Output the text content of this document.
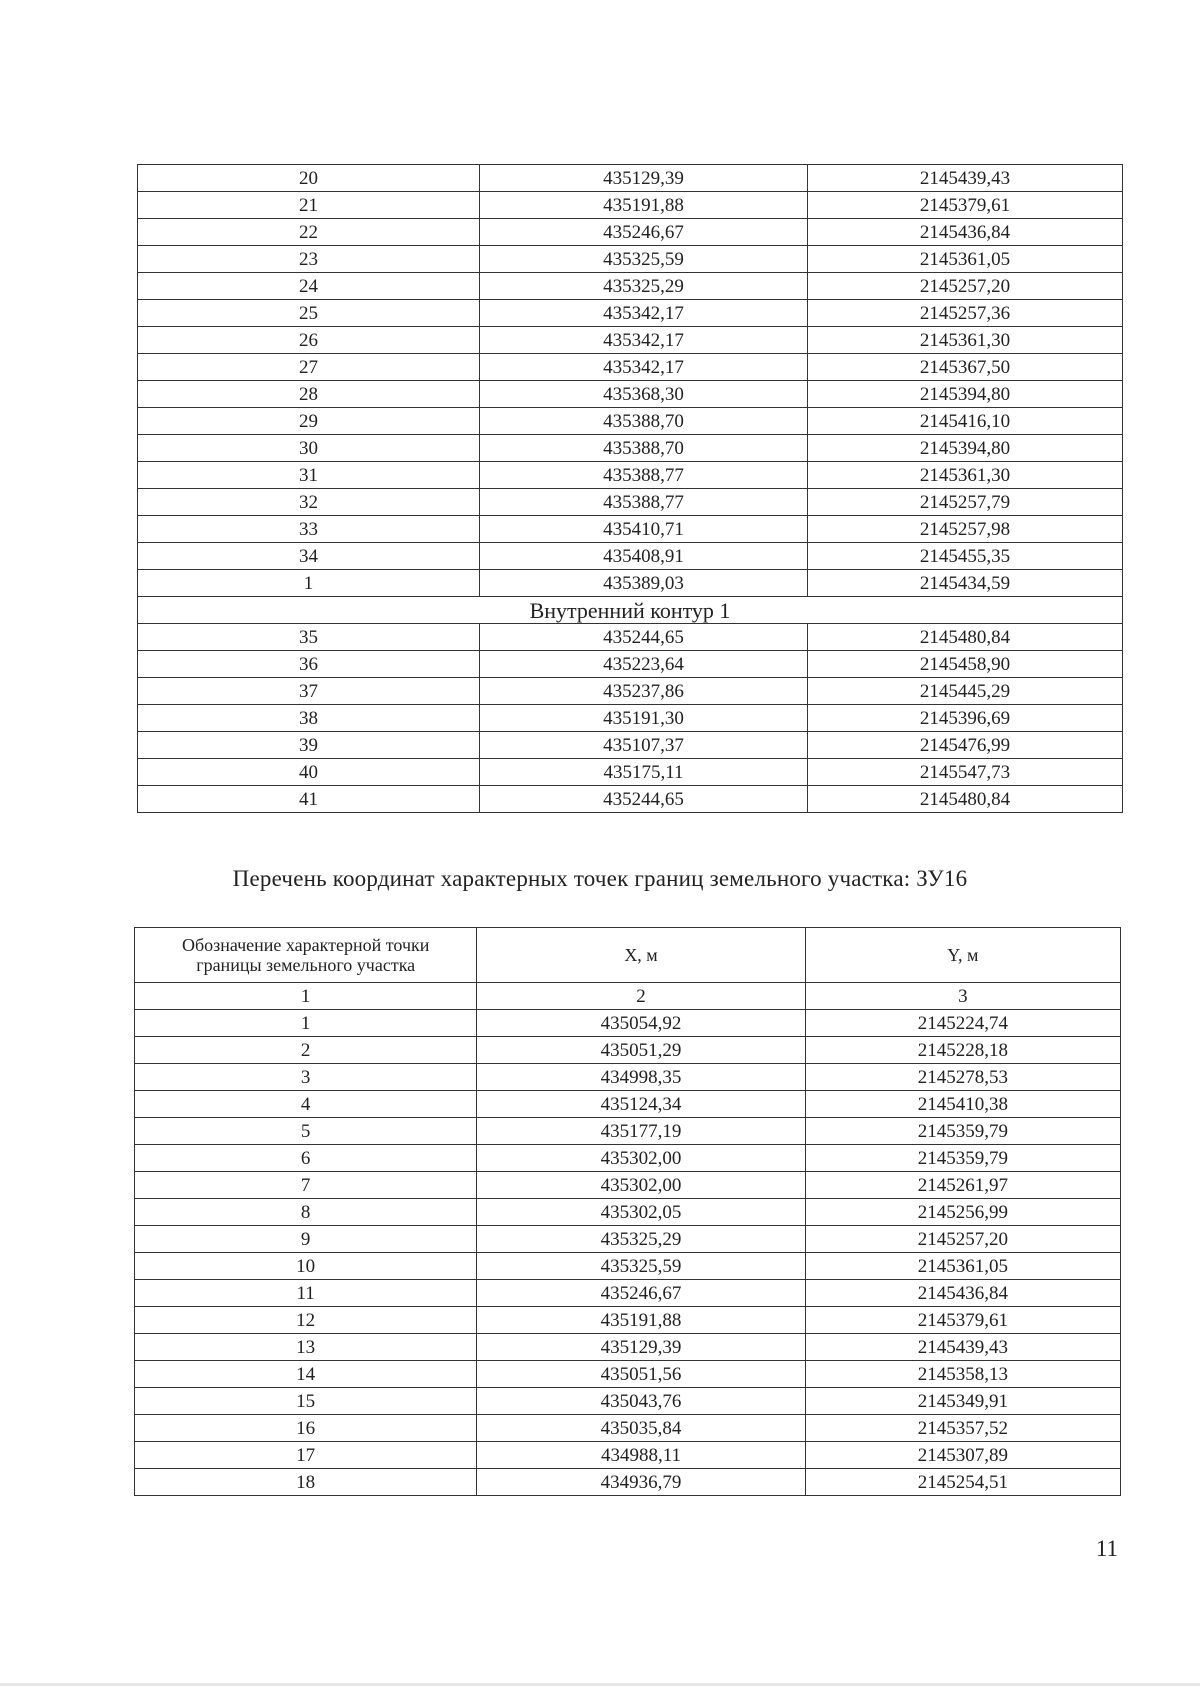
20	435129,39	2145439,43
21	435191,88	2145379,61
22	435246,67	2145436,84
23	435325,59	2145361,05
24	435325,29	2145257,20
25	435342,17	2145257,36
26	435342,17	2145361,30
27	435342,17	2145367,50
28	435368,30	2145394,80
29	435388,70	2145416,10
30	435388,70	2145394,80
31	435388,77	2145361,30
32	435388,77	2145257,79
33	435410,71	2145257,98
34	435408,91	2145455,35
1	435389,03	2145434,59
Внутренний контур 1		
35	435244,65	2145480,84
36	435223,64	2145458,90
37	435237,86	2145445,29
38	435191,30	2145396,69
39	435107,37	2145476,99
40	435175,11	2145547,73
41	435244,65	2145480,84
Перечень координат характерных точек границ земельного участка: ЗУ16
Обозначение характерной точки границы земельного участка	X, м	Y, м
1	2	3
1	435054,92	2145224,74
2	435051,29	2145228,18
3	434998,35	2145278,53
4	435124,34	2145410,38
5	435177,19	2145359,79
6	435302,00	2145359,79
7	435302,00	2145261,97
8	435302,05	2145256,99
9	435325,29	2145257,20
10	435325,59	2145361,05
11	435246,67	2145436,84
12	435191,88	2145379,61
13	435129,39	2145439,43
14	435051,56	2145358,13
15	435043,76	2145349,91
16	435035,84	2145357,52
17	434988,11	2145307,89
18	434936,79	2145254,51
11
